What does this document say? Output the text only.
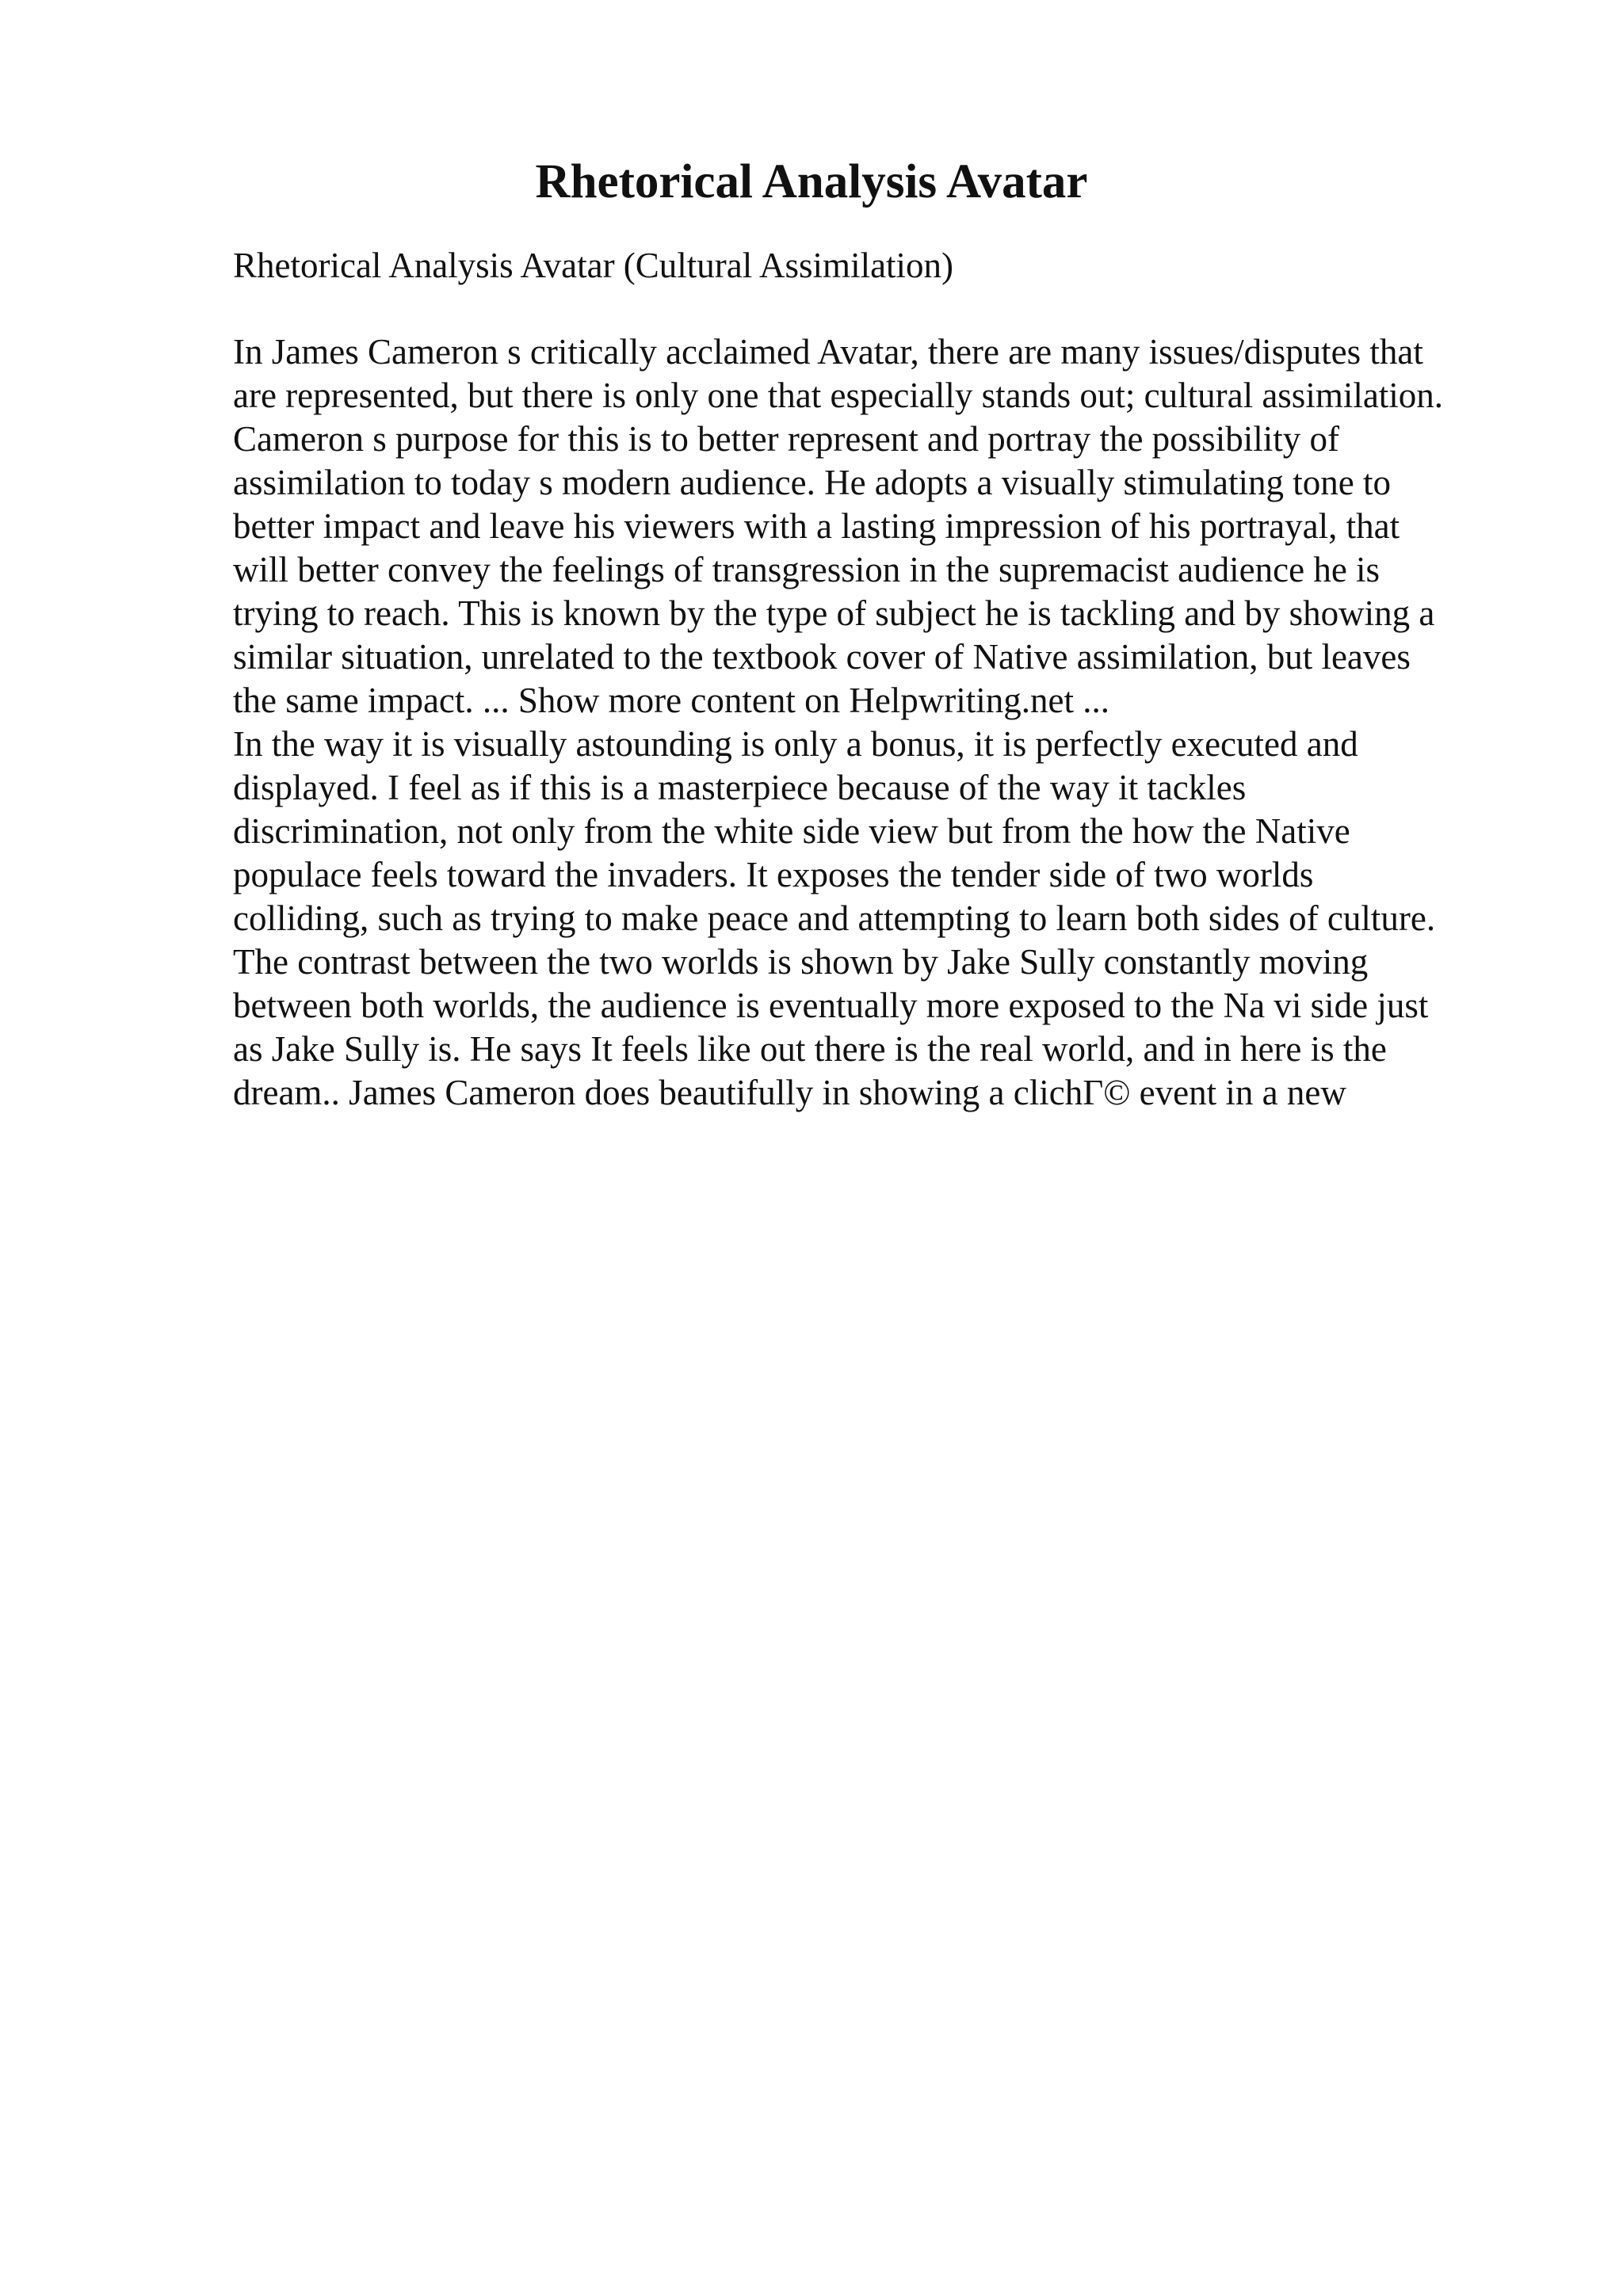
Rhetorical Analysis Avatar

Rhetorical Analysis Avatar (Cultural Assimilation)

In James Cameron s critically acclaimed Avatar, there are many issues/disputes that
are represented, but there is only one that especially stands out; cultural assimilation.
Cameron s purpose for this is to better represent and portray the possibility of
assimilation to today s modern audience. He adopts a visually stimulating tone to
better impact and leave his viewers with a lasting impression of his portrayal, that
will better convey the feelings of transgression in the supremacist audience he is
trying to reach. This is known by the type of subject he is tackling and by showing a
similar situation, unrelated to the textbook cover of Native assimilation, but leaves
the same impact. ... Show more content on Helpwriting.net ...
In the way it is visually astounding is only a bonus, it is perfectly executed and
displayed. I feel as if this is a masterpiece because of the way it tackles
discrimination, not only from the white side view but from the how the Native
populace feels toward the invaders. It exposes the tender side of two worlds
colliding, such as trying to make peace and attempting to learn both sides of culture.
The contrast between the two worlds is shown by Jake Sully constantly moving
between both worlds, the audience is eventually more exposed to the Na vi side just
as Jake Sully is. He says It feels like out there is the real world, and in here is the
dream.. James Cameron does beautifully in showing a clichГ© event in a new
